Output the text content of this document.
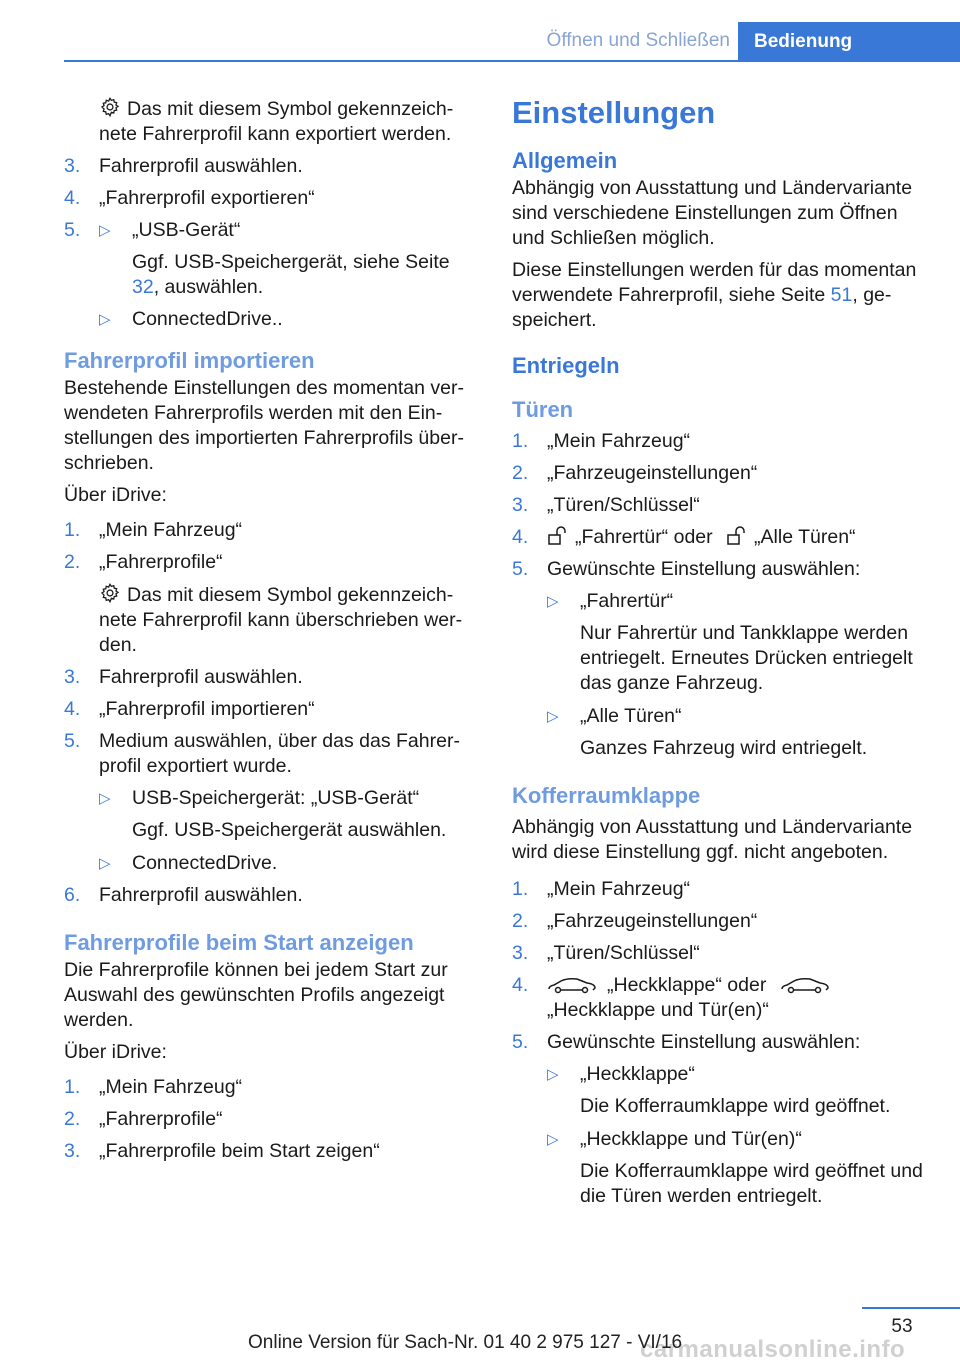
Öffnen und Schließen	Bedienung
Das mit diesem Symbol gekennzeichnete Fahrerprofil kann exportiert werden.
3. Fahrerprofil auswählen.
4. „Fahrerprofil exportieren“
5. ▷ „USB-Gerät“
Ggf. USB-Speichergerät, siehe Seite 32, auswählen.
▷ ConnectedDrive..
Fahrerprofil importieren
Bestehende Einstellungen des momentan verwendeten Fahrerprofils werden mit den Einstellungen des importierten Fahrerprofils überschrieben.
Über iDrive:
1. „Mein Fahrzeug“
2. „Fahrerprofile“
Das mit diesem Symbol gekennzeichnete Fahrerprofil kann überschrieben werden.
3. Fahrerprofil auswählen.
4. „Fahrerprofil importieren“
5. Medium auswählen, über das das Fahrerprofil exportiert wurde.
▷ USB-Speichergerät: „USB-Gerät“
Ggf. USB-Speichergerät auswählen.
▷ ConnectedDrive.
6. Fahrerprofil auswählen.
Fahrerprofile beim Start anzeigen
Die Fahrerprofile können bei jedem Start zur Auswahl des gewünschten Profils angezeigt werden.
Über iDrive:
1. „Mein Fahrzeug“
2. „Fahrerprofile“
3. „Fahrerprofile beim Start zeigen“
Einstellungen
Allgemein
Abhängig von Ausstattung und Ländervariante sind verschiedene Einstellungen zum Öffnen und Schließen möglich.
Diese Einstellungen werden für das momentan verwendete Fahrerprofil, siehe Seite 51, gespeichert.
Entriegeln
Türen
1. „Mein Fahrzeug“
2. „Fahrzeugeinstellungen“
3. „Türen/Schlüssel“
4. „Fahrertür“ oder „Alle Türen“
5. Gewünschte Einstellung auswählen:
▷ „Fahrertür“
Nur Fahrertür und Tankklappe werden entriegelt. Erneutes Drücken entriegelt das ganze Fahrzeug.
▷ „Alle Türen“
Ganzes Fahrzeug wird entriegelt.
Kofferraumklappe
Abhängig von Ausstattung und Ländervariante wird diese Einstellung ggf. nicht angeboten.
1. „Mein Fahrzeug“
2. „Fahrzeugeinstellungen“
3. „Türen/Schlüssel“
4.	„Heckklappe“ oder
„Heckklappe und Tür(en)“
5. Gewünschte Einstellung auswählen:
▷ „Heckklappe“
Die Kofferraumklappe wird geöffnet.
▷ „Heckklappe und Tür(en)“
Die Kofferraumklappe wird geöffnet und die Türen werden entriegelt.
53
carmanualsonline.info
Online Version für Sach-Nr. 01 40 2 975 127 - VI/16
